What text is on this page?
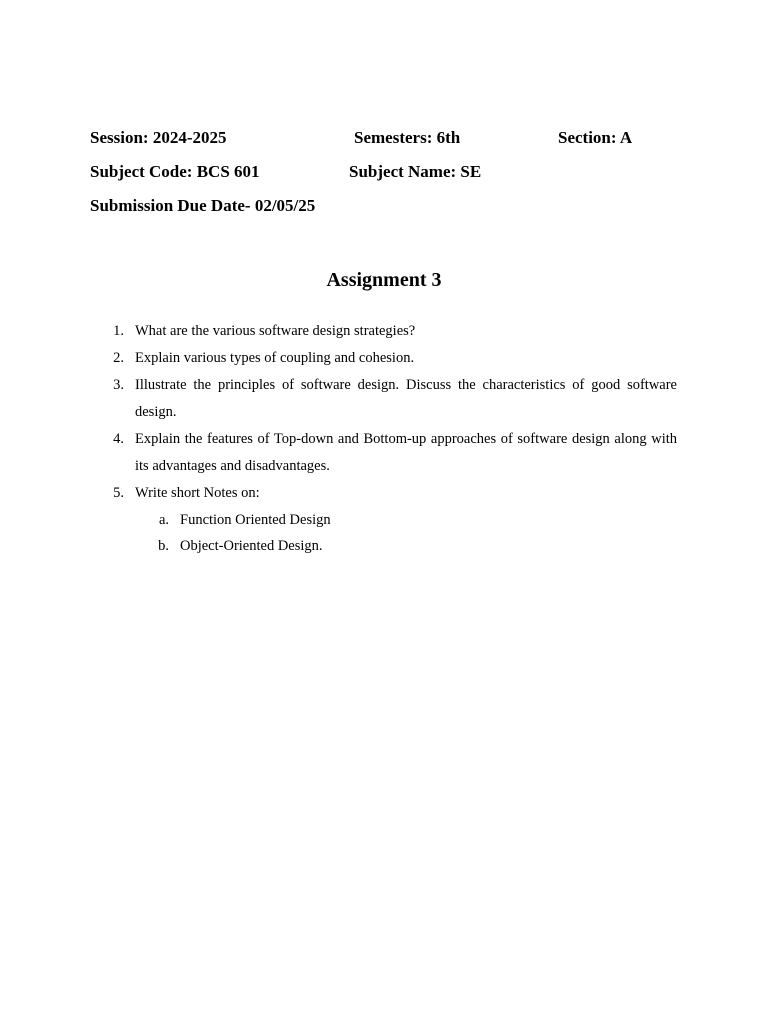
Session: 2024-2025	Semesters: 6th	Section: A
Subject Code: BCS 601	Subject Name: SE
Submission Due Date- 02/05/25
Assignment 3
1. What are the various software design strategies?
2. Explain various types of coupling and cohesion.
3. Illustrate the principles of software design. Discuss the characteristics of good software design.
4. Explain the features of Top-down and Bottom-up approaches of software design along with its advantages and disadvantages.
5. Write short Notes on:
a. Function Oriented Design
b. Object-Oriented Design.
